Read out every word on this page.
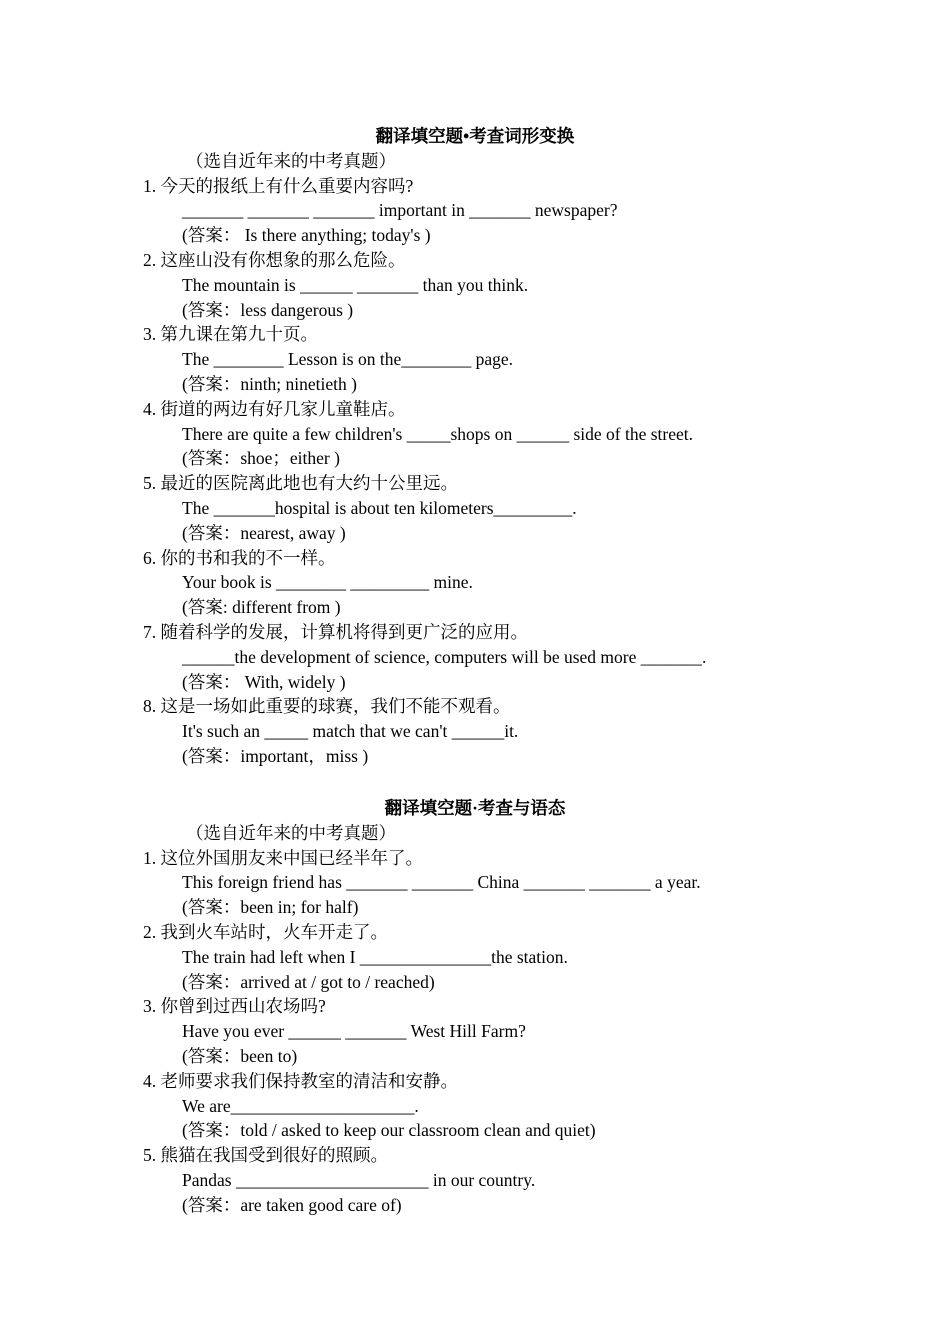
翻译填空题•考查词形变换
（选自近年来的中考真题）
1. 今天的报纸上有什么重要内容吗?
_______ _______ _______ important in _______ newspaper?
(答案： Is there anything; today's )
2. 这座山没有你想象的那么危险。
The mountain is ______ _______ than you think.
(答案：less dangerous )
3. 第九课在第九十页。
The ________ Lesson is on the________ page.
(答案：ninth; ninetieth )
4. 街道的两边有好几家儿童鞋店。
There are quite a few children's _____shops on ______ side of the street.
(答案：shoe；either )
5. 最近的医院离此地也有大约十公里远。
The _______hospital is about ten kilometers_________.
(答案：nearest, away )
6. 你的书和我的不一样。
Your book is ________ _________ mine.
(答案: different from )
7. 随着科学的发展，计算机将得到更广泛的应用。
______the development of science, computers will be used more _______.
(答案： With, widely )
8. 这是一场如此重要的球赛，我们不能不观看。
It's such an _____ match that we can't ______it.
(答案：important，miss )
翻译填空题·考查与语态
（选自近年来的中考真题）
1. 这位外国朋友来中国已经半年了。
This foreign friend has _______ _______ China _______ _______ a year.
(答案：been in; for half)
2. 我到火车站时，火车开走了。
The train had left when I _______________the station.
(答案：arrived at / got to / reached)
3. 你曾到过西山农场吗?
Have you ever ______ _______ West Hill Farm?
(答案：been to)
4. 老师要求我们保持教室的清洁和安静。
We are_____________________.
(答案：told / asked to keep our classroom clean and quiet)
5. 熊猫在我国受到很好的照顾。
Pandas ______________________ in our country.
(答案：are taken good care of)
